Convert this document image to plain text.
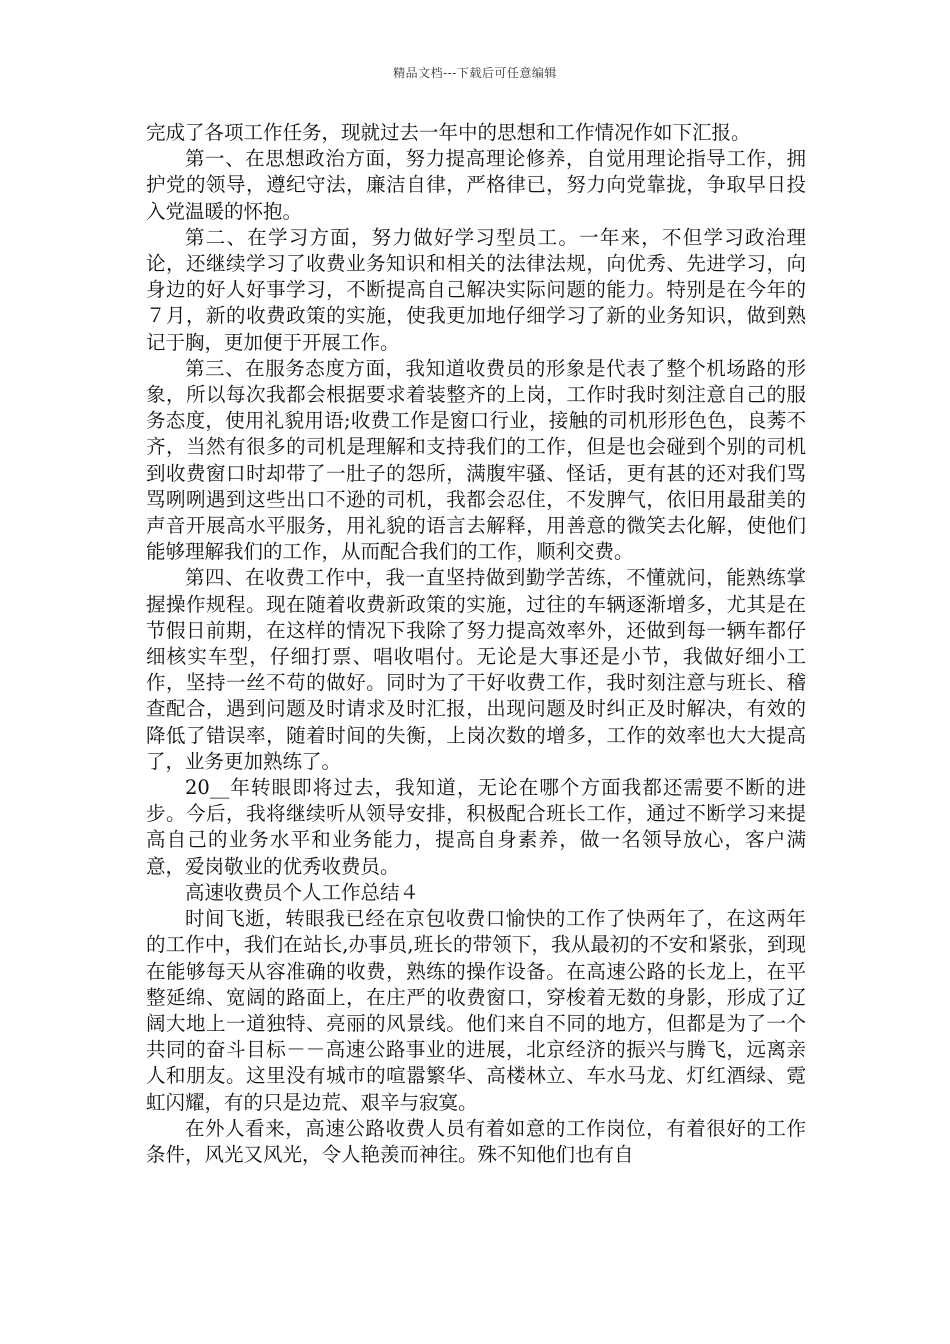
精品文档---下载后可任意编辑

完成了各项工作任务，现就过去一年中的思想和工作情况作如下汇报。

第一、在思想政治方面，努力提高理论修养，自觉用理论指导工作，拥护党的领导，遵纪守法，廉洁自律，严格律已，努力向党靠拢，争取早日投入党温暖的怀抱。

第二、在学习方面，努力做好学习型员工。一年来，不但学习政治理论，还继续学习了收费业务知识和相关的法律法规，向优秀、先进学习，向身边的好人好事学习，不断提高自己解决实际问题的能力。特别是在今年的７月，新的收费政策的实施，使我更加地仔细学习了新的业务知识，做到熟记于胸，更加便于开展工作。

第三、在服务态度方面，我知道收费员的形象是代表了整个机场路的形象，所以每次我都会根据要求着装整齐的上岗，工作时我时刻注意自己的服务态度，使用礼貌用语;收费工作是窗口行业，接触的司机形形色色，良莠不齐，当然有很多的司机是理解和支持我们的工作，但是也会碰到个别的司机到收费窗口时却带了一肚子的怨所，满腹牢骚、怪话，更有甚的还对我们骂骂咧咧遇到这些出口不逊的司机，我都会忍住，不发脾气，依旧用最甜美的声音开展高水平服务，用礼貌的语言去解释，用善意的微笑去化解，使他们能够理解我们的工作，从而配合我们的工作，顺利交费。

第四、在收费工作中，我一直坚持做到勤学苦练，不懂就问，能熟练掌握操作规程。现在随着收费新政策的实施，过往的车辆逐渐增多，尤其是在节假日前期，在这样的情况下我除了努力提高效率外，还做到每一辆车都仔细核实车型，仔细打票、唱收唱付。无论是大事还是小节，我做好细小工作，坚持一丝不苟的做好。同时为了干好收费工作，我时刻注意与班长、稽查配合，遇到问题及时请求及时汇报，出现问题及时纠正及时解决，有效的降低了错误率，随着时间的失衡，上岗次数的增多，工作的效率也大大提高了，业务更加熟练了。

20__年转眼即将过去，我知道，无论在哪个方面我都还需要不断的进步。今后，我将继续听从领导安排，积极配合班长工作，通过不断学习来提高自己的业务水平和业务能力，提高自身素养，做一名领导放心，客户满意，爱岗敬业的优秀收费员。

高速收费员个人工作总结４

时间飞逝，转眼我已经在京包收费口愉快的工作了快两年了，在这两年的工作中，我们在站长,办事员,班长的带领下，我从最初的不安和紧张，到现在能够每天从容准确的收费，熟练的操作设备。在高速公路的长龙上，在平整延绵、宽阔的路面上，在庄严的收费窗口，穿梭着无数的身影，形成了辽阔大地上一道独特、亮丽的风景线。他们来自不同的地方，但都是为了一个共同的奋斗目标－－高速公路事业的进展，北京经济的振兴与腾飞，远离亲人和朋友。这里没有城市的喧嚣繁华、高楼林立、车水马龙、灯红酒绿、霓虹闪耀，有的只是边荒、艰辛与寂寞。

在外人看来，高速公路收费人员有着如意的工作岗位，有着很好的工作条件，风光又风光，令人艳羡而神往。殊不知他们也有自
